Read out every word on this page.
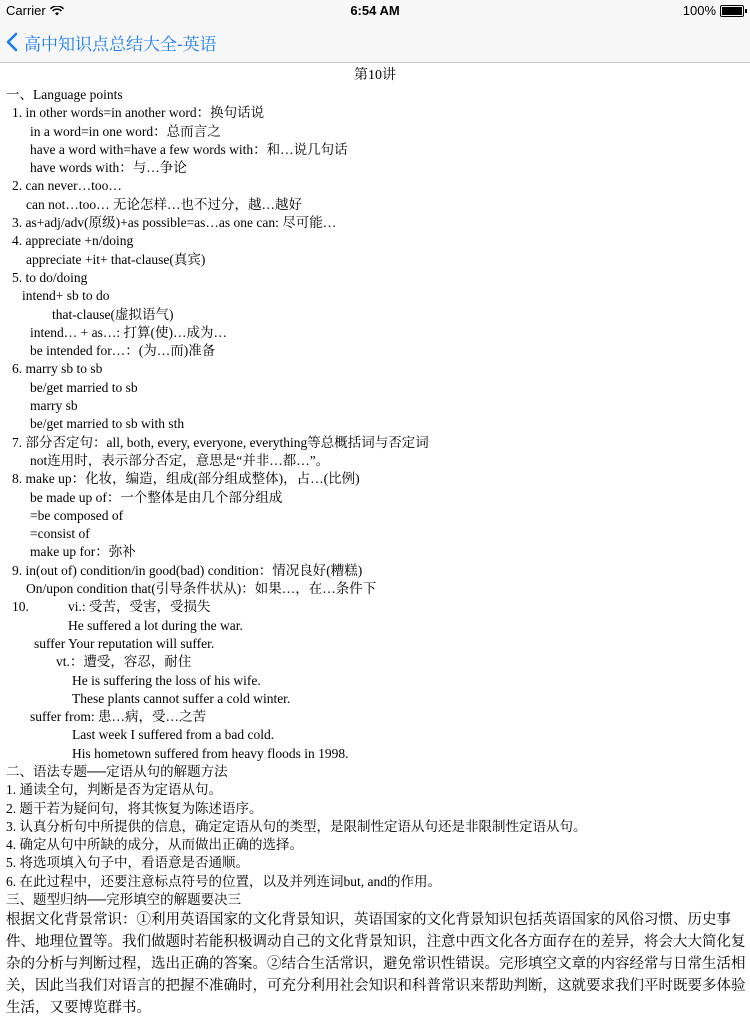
Carrier	6:54 AM	100%
高中知识点总结大全-英语
第10讲
一、Language points
1. in other words=in another word：换句话说
in a word=in one word：总而言之
have a word with=have a few words with：和…说几句话
have words with：与…争论
2. can never…too…
can not…too… 无论怎样…也不过分，越…越好
3. as+adj/adv(原级)+as possible=as…as one can: 尽可能…
4. appreciate +n/doing
appreciate +it+ that-clause(真宾)
5. to do/doing
intend+ sb to do
that-clause(虚拟语气)
intend… + as…: 打算(使)…成为…
be intended for…：(为…而)准备
6. marry sb to sb
be/get married to sb
marry sb
be/get married to sb with sth
7. 部分否定句：all, both, every, everyone, everything等总概括词与否定词
not连用时，表示部分否定，意思是“并非…都…”。
8. make up：化妆，编造，组成(部分组成整体)，占…(比例)
be made up of：一个整体是由几个部分组成
=be composed of
=consist of
make up for：弥补
9. in(out of) condition/in good(bad) condition：情况良好(糟糕)
On/upon condition that(引导条件状从)：如果…，在…条件下
10.	vi.: 受苦，受害，受损失
He suffered a lot during the war.
suffer Your reputation will suffer.
vt.：遭受，容忍，耐住
He is suffering the loss of his wife.
These plants cannot suffer a cold winter.
suffer from: 患…病，受…之苦
Last week I suffered from a bad cold.
His hometown suffered from heavy floods in 1998.
二、语法专题──定语从句的解题方法
1. 通读全句，判断是否为定语从句。
2. 题干若为疑问句，将其恢复为陈述语序。
3. 认真分析句中所提供的信息，确定定语从句的类型，是限制性定语从句还是非限制性定语从句。
4. 确定从句中所缺的成分，从而做出正确的选择。
5. 将选项填入句子中，看语意是否通顺。
6. 在此过程中，还要注意标点符号的位置，以及并列连词but, and的作用。
三、题型归纳──完形填空的解题要决三
根据文化背景常识：①利用英语国家的文化背景知识，英语国家的文化背景知识包括英语国家的风俗习惯、历史事件、地理位置等。我们做题时若能积极调动自己的文化背景知识，注意中西文化各方面存在的差异，将会大大简化复杂的分析与判断过程，选出正确的答案。②结合生活常识，避免常识性错误。完形填空文章的内容经常与日常生活相关，因此当我们对语言的把握不准确时，可充分利用社会知识和科普常识来帮助判断，这就要求我们平时既要多体验生活，又要博览群书。
